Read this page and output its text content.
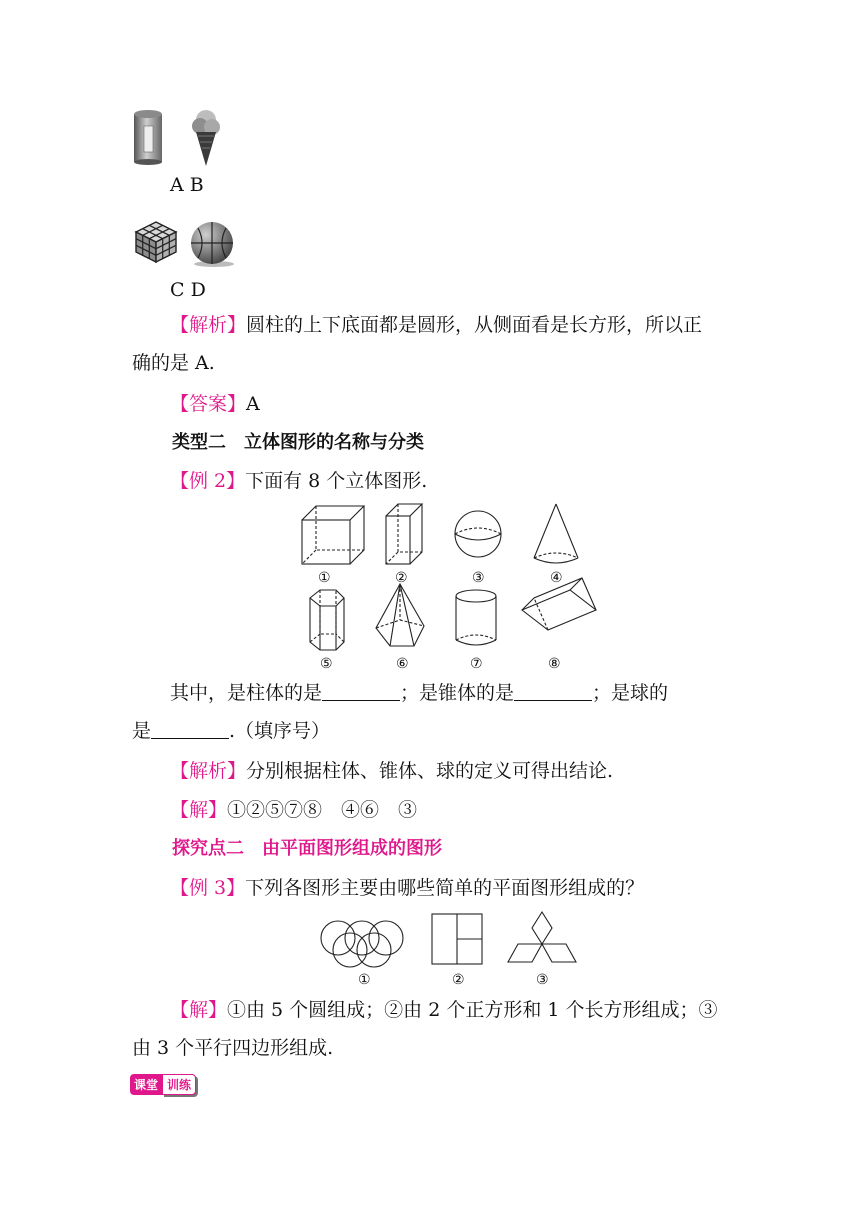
A B
C D
【解析】圆柱的上下底面都是圆形，从侧面看是长方形，所以正
确的是 A.
【答案】A
类型二　立体图形的名称与分类
【例 2】下面有 8 个立体图形.
①	②	③	④
⑤	⑥	⑦	⑧
其中，是柱体的是	；是锥体的是	；是球的
是	.（填序号）
【解析】分别根据柱体、锥体、球的定义可得出结论.
【解】①②⑤⑦⑧　④⑥　③
探究点二　由平面图形组成的图形
【例 3】下列各图形主要由哪些简单的平面图形组成的？
①	②	③
【解】①由 5 个圆组成；②由 2 个正方形和 1 个长方形组成；③
由 3 个平行四边形组成.
课堂 训练
